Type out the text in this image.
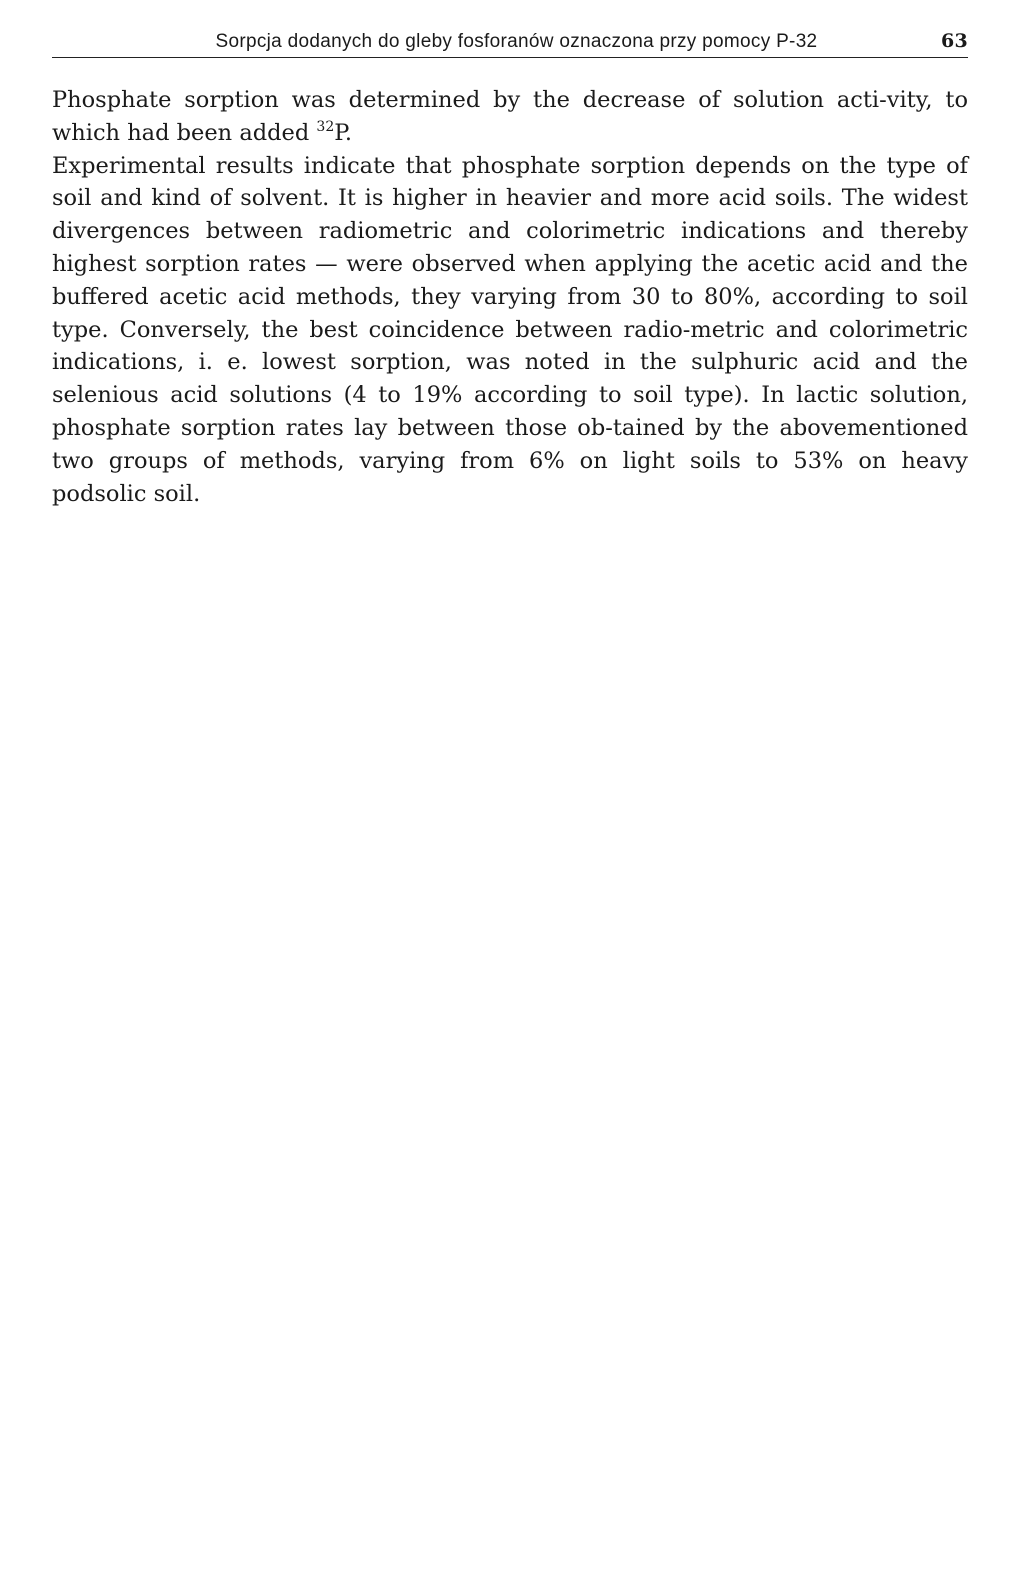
Sorpcja dodanych do gleby fosforanów oznaczona przy pomocy P-32	63

Phosphate sorption was determined by the decrease of solution acti-vity, to which had been added $^{32}$P.

Experimental results indicate that phosphate sorption depends on the type of soil and kind of solvent. It is higher in heavier and more acid soils. The widest divergences between radiometric and colorimetric indications and thereby highest sorption rates — were observed when applying the acetic acid and the buffered acetic acid methods, they varying from 30 to 80%, according to soil type. Conversely, the best coincidence between radio-metric and colorimetric indications, i. e. lowest sorption, was noted in the sulphuric acid and the selenious acid solutions (4 to 19% according to soil type). In lactic solution, phosphate sorption rates lay between those ob-tained by the abovementioned two groups of methods, varying from 6% on light soils to 53% on heavy podsolic soil.
